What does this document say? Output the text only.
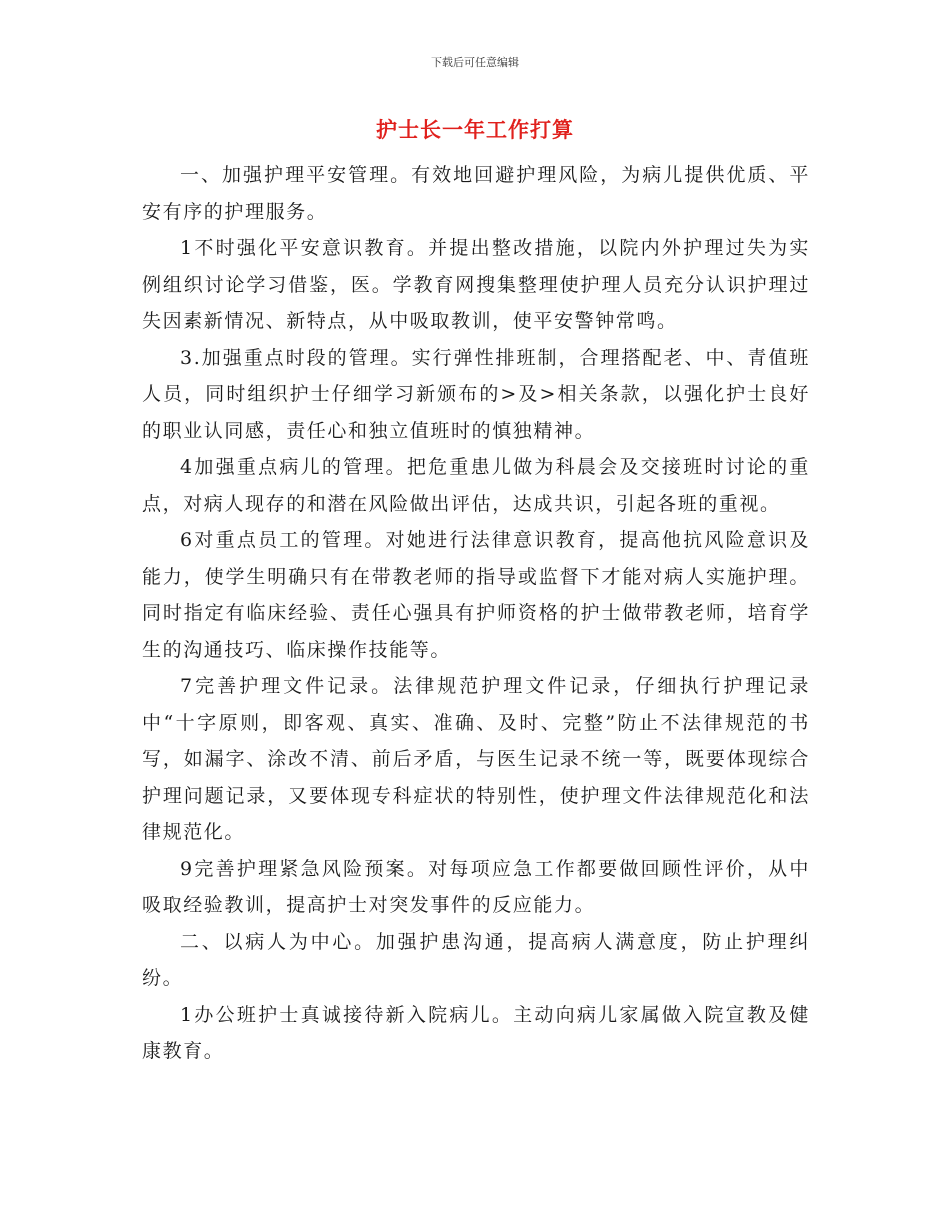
下载后可任意编辑
护士长一年工作打算

一、加强护理平安管理。有效地回避护理风险，为病儿提供优质、平安有序的护理服务。

1不时强化平安意识教育。并提出整改措施，以院内外护理过失为实例组织讨论学习借鉴，医。学教育网搜集整理使护理人员充分认识护理过失因素新情况、新特点，从中吸取教训，使平安警钟常鸣。

3.加强重点时段的管理。实行弹性排班制，合理搭配老、中、青值班人员，同时组织护士仔细学习新颁布的>及>相关条款，以强化护士良好的职业认同感，责任心和独立值班时的慎独精神。

4加强重点病儿的管理。把危重患儿做为科晨会及交接班时讨论的重点，对病人现存的和潜在风险做出评估，达成共识，引起各班的重视。

6对重点员工的管理。对她进行法律意识教育，提高他抗风险意识及能力，使学生明确只有在带教老师的指导或监督下才能对病人实施护理。同时指定有临床经验、责任心强具有护师资格的护士做带教老师，培育学生的沟通技巧、临床操作技能等。

7完善护理文件记录。法律规范护理文件记录，仔细执行护理记录中“十字原则，即客观、真实、准确、及时、完整”防止不法律规范的书写，如漏字、涂改不清、前后矛盾，与医生记录不统一等，既要体现综合护理问题记录，又要体现专科症状的特别性，使护理文件法律规范化和法律规范化。

9完善护理紧急风险预案。对每项应急工作都要做回顾性评价，从中吸取经验教训，提高护士对突发事件的反应能力。

二、以病人为中心。加强护患沟通，提高病人满意度，防止护理纠纷。

1办公班护士真诚接待新入院病儿。主动向病儿家属做入院宣教及健康教育。
